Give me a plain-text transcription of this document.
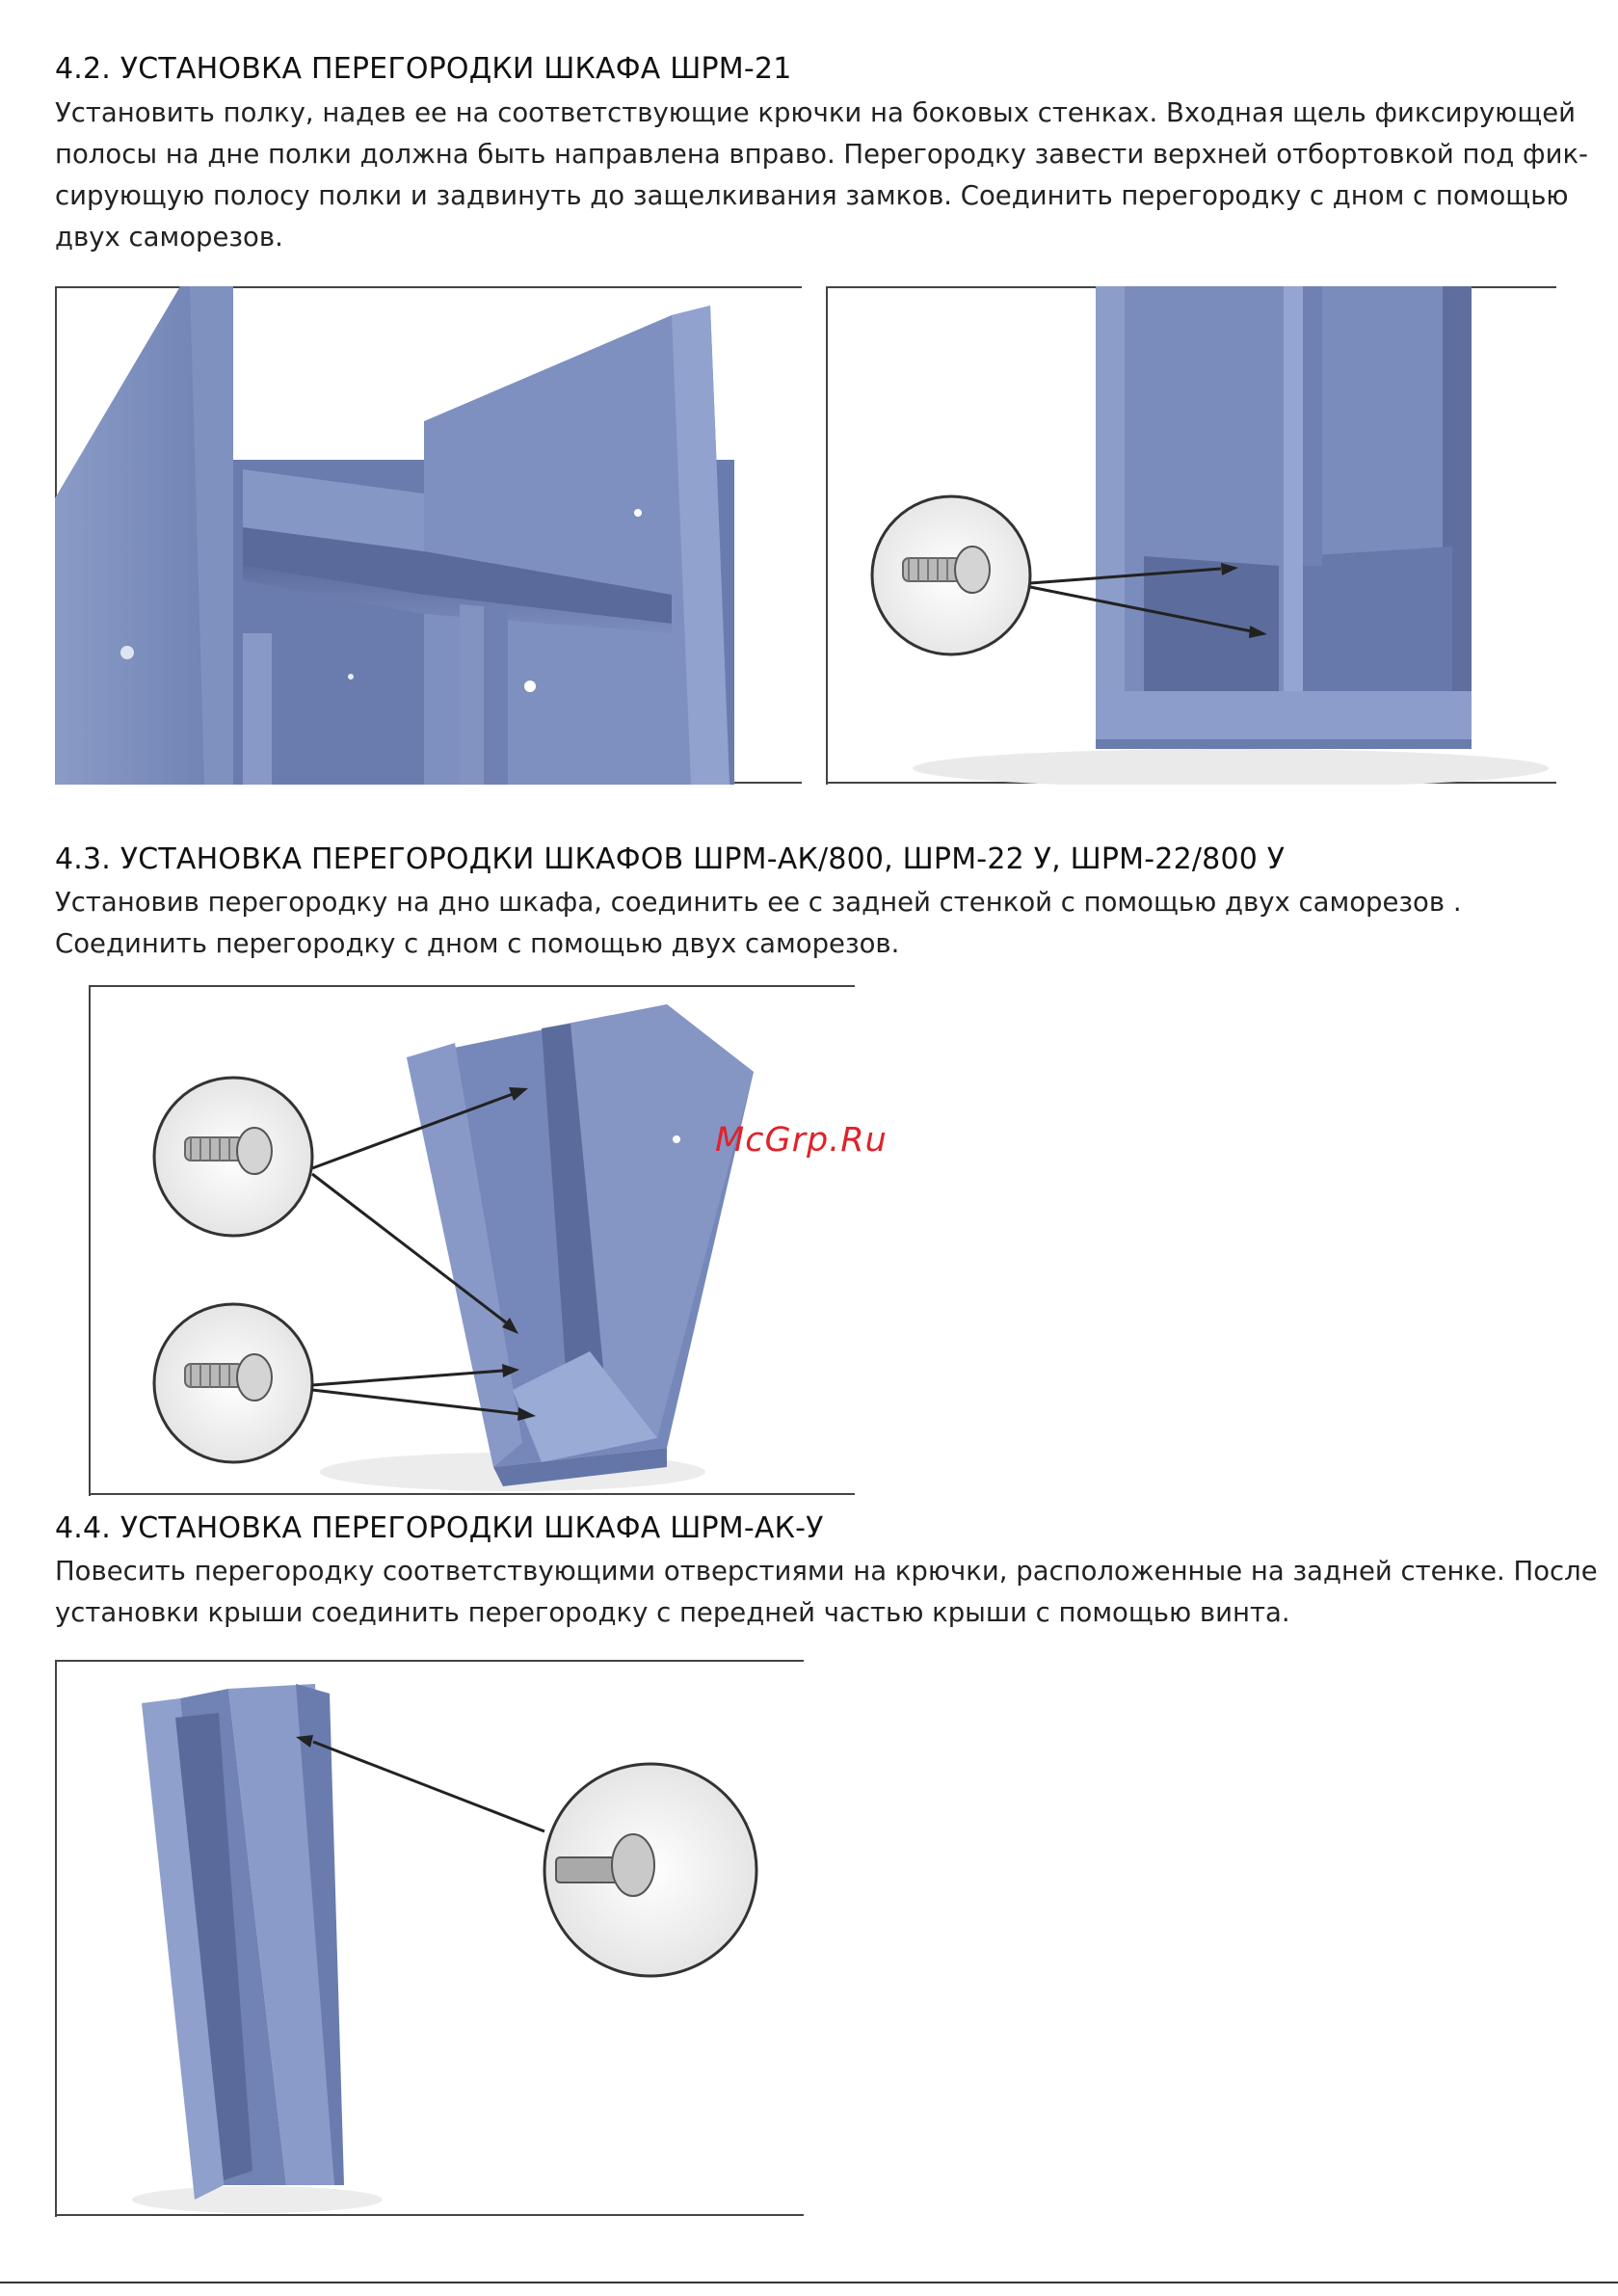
4.2. УСТАНОВКА ПЕРЕГОРОДКИ ШКАФА ШРМ-21
Установить полку, надев ее на соответствующие крючки на боковых стенках. Входная щель фиксирующей
полосы на дне полки должна быть направлена вправо. Перегородку завести верхней отбортовкой под фик-
сирующую полосу полки и задвинуть до защелкивания замков. Соединить перегородку с дном с помощью
двух саморезов.
4.3. УСТАНОВКА ПЕРЕГОРОДКИ ШКАФОВ ШРМ-АК/800, ШРМ-22 У, ШРМ-22/800 У
Установив перегородку на дно шкафа, соединить ее с задней стенкой с помощью двух саморезов .
Соединить перегородку с дном с помощью двух саморезов.
McGrp.Ru
4.4. УСТАНОВКА ПЕРЕГОРОДКИ ШКАФА ШРМ-АК-У
Повесить перегородку соответствующими отверстиями на крючки, расположенные на задней стенке. После
установки крыши соединить перегородку с передней частью крыши с помощью винта.
